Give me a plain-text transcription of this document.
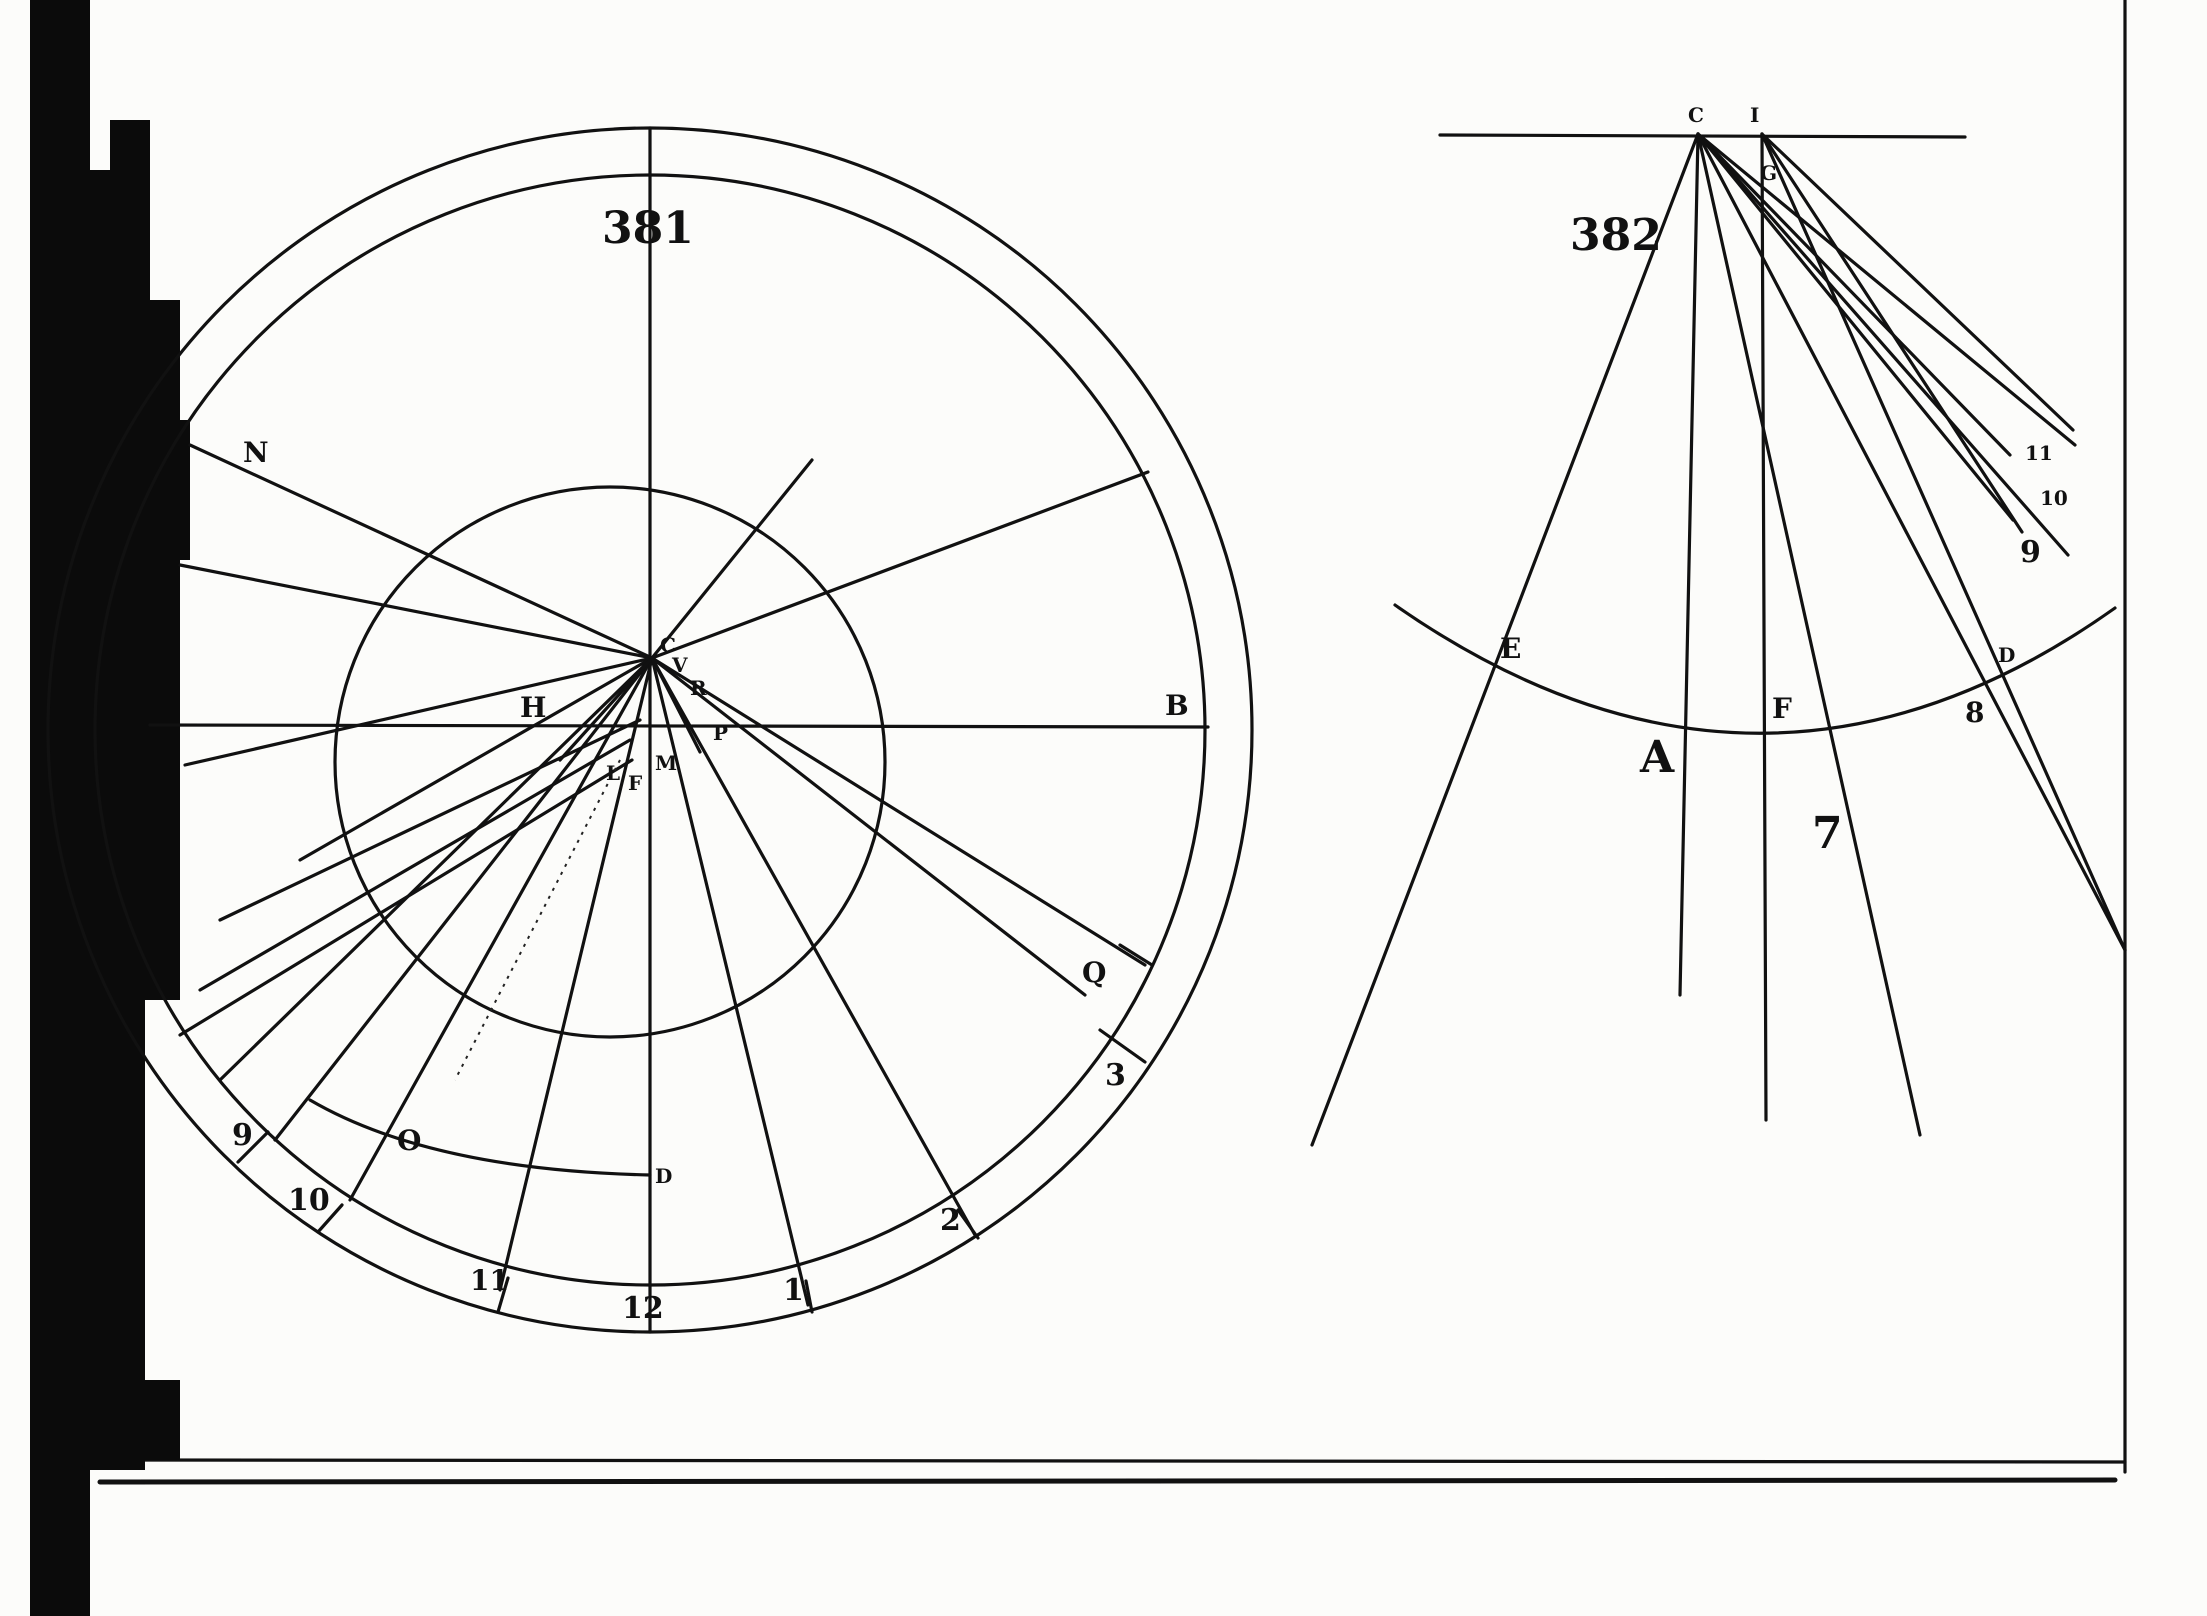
381
N
C
V
R
H
L
B
P
F
M
Q
O
D
9
10
11
12
1
2
3
382
C I
G
E
F
A
D
11
10
9
8
7
